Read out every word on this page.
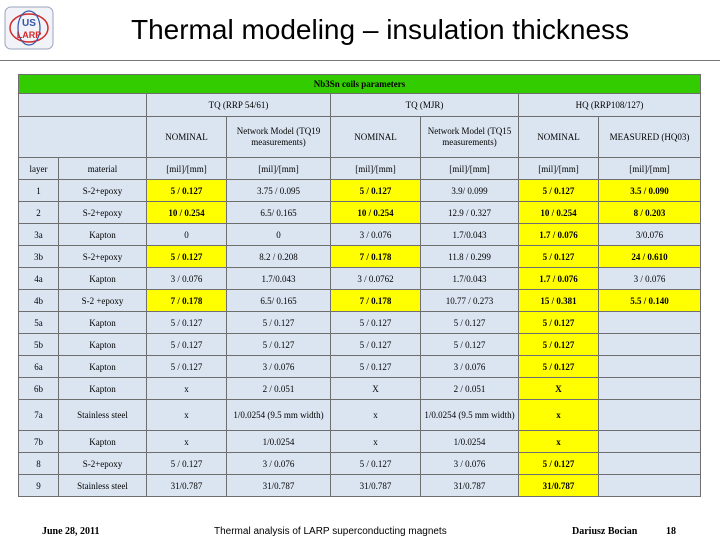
US
LARP	Thermal modeling – insulation thickness
Nb3Sn coils parameters							
		TQ (RRP 54/61)		TQ (MJR)		HQ (RRP108/127)	
		NOMINAL	Network Model (TQ19 measurements)	NOMINAL	Network Model (TQ15 measurements)	NOMINAL	MEASURED (HQ03)
layer	material	[mil]/[mm]	[mil]/[mm]	[mil]/[mm]	[mil]/[mm]	[mil]/[mm]	[mil]/[mm]
1	S-2+epoxy	5 / 0.127	3.75 / 0.095	5 / 0.127	3.9/ 0.099	5 / 0.127	3.5 / 0.090
2	S-2+epoxy	10 / 0.254	6.5/ 0.165	10 / 0.254	12.9 / 0.327	10 / 0.254	8 / 0.203
3a	Kapton	0	0	3 / 0.076	1.7/0.043	1.7 / 0.076	3/0.076
3b	S-2+epoxy	5 / 0.127	8.2 / 0.208	7 / 0.178	11.8 / 0.299	5 / 0.127	24 / 0.610
4a	Kapton	3 / 0.076	1.7/0.043	3 / 0.0762	1.7/0.043	1.7 / 0.076	3 / 0.076
4b	S-2 +epoxy	7 / 0.178	6.5/ 0.165	7 / 0.178	10.77 / 0.273	15 / 0.381	5.5 / 0.140
5a	Kapton	5 / 0.127	5 / 0.127	5 / 0.127	5 / 0.127	5 / 0.127	
5b	Kapton	5 / 0.127	5 / 0.127	5 / 0.127	5 / 0.127	5 / 0.127	
6a	Kapton	5 / 0.127	3 / 0.076	5 / 0.127	3 / 0.076	5 / 0.127	
6b	Kapton	x	2 / 0.051	X	2 / 0.051	X	
7a	Stainless steel	x	1/0.0254 (9.5 mm width)	x	1/0.0254 (9.5 mm width)	x	
7b	Kapton	x	1/0.0254	x	1/0.0254	x	
8	S-2+epoxy	5 / 0.127	3 / 0.076	5 / 0.127	3 / 0.076	5 / 0.127	
9	Stainless steel	31/0.787	31/0.787	31/0.787	31/0.787	31/0.787	
June 28, 2011	Thermal analysis of LARP superconducting magnets	Dariusz Bocian	18
